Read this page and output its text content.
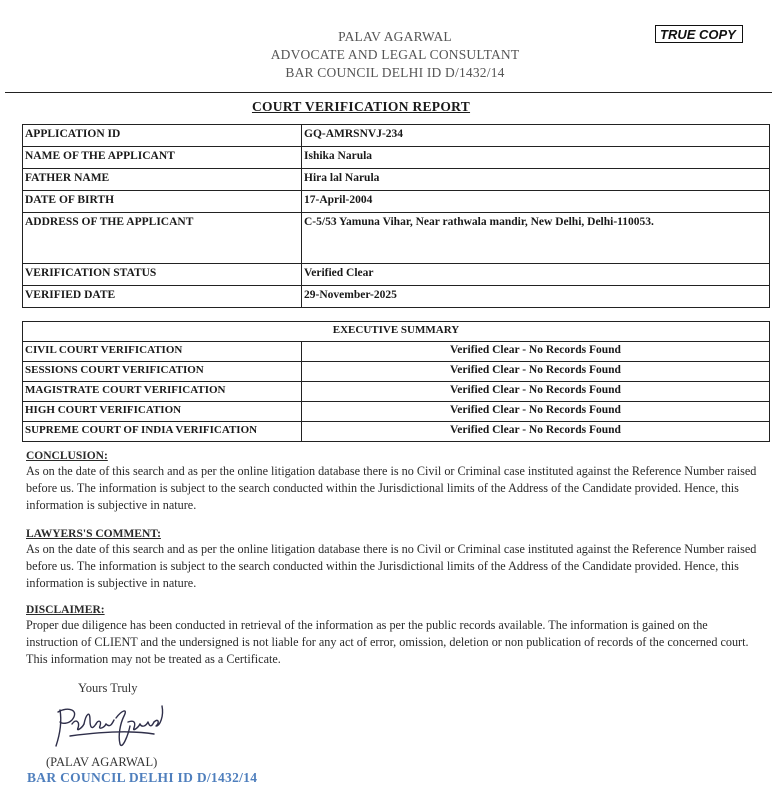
PALAV AGARWAL
ADVOCATE AND LEGAL CONSULTANT
BAR COUNCIL DELHI ID D/1432/14
TRUE COPY
COURT VERIFICATION REPORT
APPLICATION ID	GQ-AMRSNVJ-234
NAME OF THE APPLICANT	Ishika Narula
FATHER NAME	Hira lal Narula
DATE OF BIRTH	17-April-2004
ADDRESS OF THE APPLICANT	C-5/53 Yamuna Vihar, Near rathwala mandir, New Delhi, Delhi-110053.
VERIFICATION STATUS	Verified Clear
VERIFIED DATE	29-November-2025
EXECUTIVE SUMMARY	
CIVIL COURT VERIFICATION	Verified Clear - No Records Found
SESSIONS COURT VERIFICATION	Verified Clear - No Records Found
MAGISTRATE COURT VERIFICATION	Verified Clear - No Records Found
HIGH COURT VERIFICATION	Verified Clear - No Records Found
SUPREME COURT OF INDIA VERIFICATION	Verified Clear - No Records Found
CONCLUSION:
As on the date of this search and as per the online litigation database there is no Civil or Criminal case instituted against the Reference Number raised before us. The information is subject to the search conducted within the Jurisdictional limits of the Address of the Candidate provided. Hence, this information is subjective in nature.
LAWYERS'S COMMENT:
As on the date of this search and as per the online litigation database there is no Civil or Criminal case instituted against the Reference Number raised before us. The information is subject to the search conducted within the Jurisdictional limits of the Address of the Candidate provided. Hence, this information is subjective in nature.
DISCLAIMER:
Proper due diligence has been conducted in retrieval of the information as per the public records available. The information is gained on the instruction of CLIENT and the undersigned is not liable for any act of error, omission, deletion or non publication of records of the concerned court. This information may not be treated as a Certificate.
Yours Truly
(PALAV AGARWAL)
BAR COUNCIL DELHI ID D/1432/14
